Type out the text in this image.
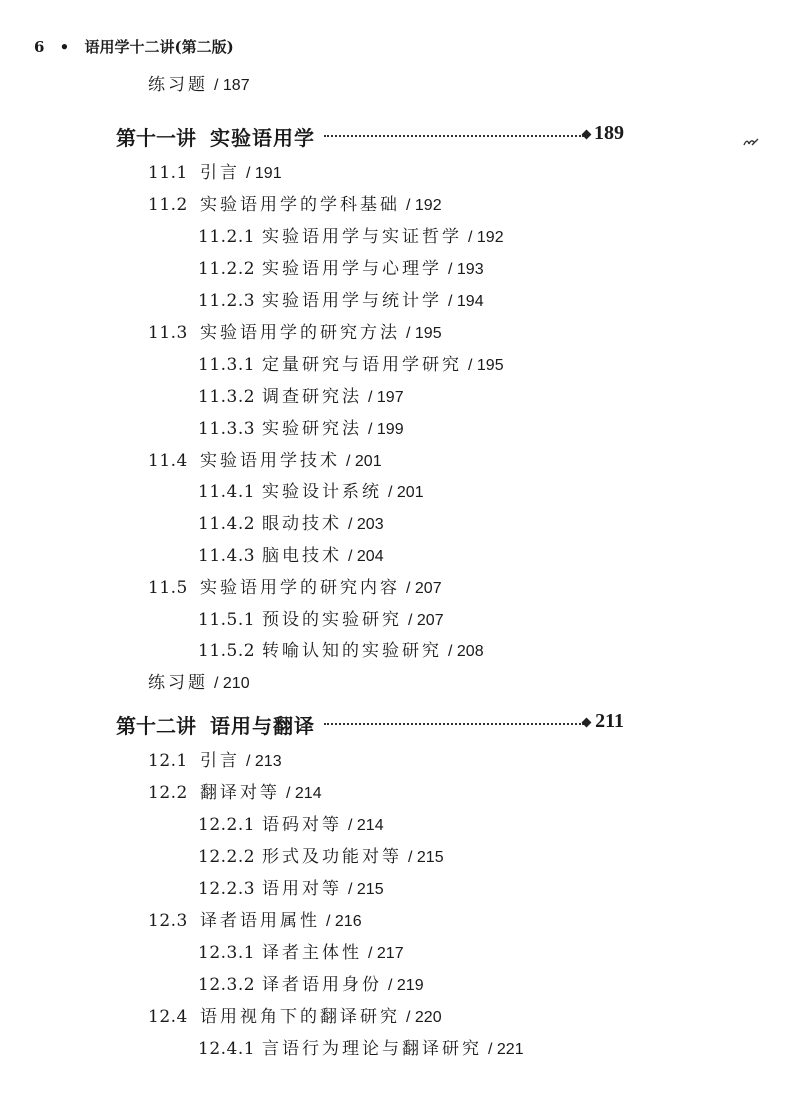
6 • 语用学十二讲(第二版)
练习题 / 187
第十一讲 实验语用学	189
11.1 引言 / 191
11.2 实验语用学的学科基础 / 192
11.2.1 实验语用学与实证哲学 / 192
11.2.2 实验语用学与心理学 / 193
11.2.3 实验语用学与统计学 / 194
11.3 实验语用学的研究方法 / 195
11.3.1 定量研究与语用学研究 / 195
11.3.2 调查研究法 / 197
11.3.3 实验研究法 / 199
11.4 实验语用学技术 / 201
11.4.1 实验设计系统 / 201
11.4.2 眼动技术 / 203
11.4.3 脑电技术 / 204
11.5 实验语用学的研究内容 / 207
11.5.1 预设的实验研究 / 207
11.5.2 转喻认知的实验研究 / 208
练习题 / 210
第十二讲 语用与翻译	211
12.1 引言 / 213
12.2 翻译对等 / 214
12.2.1 语码对等 / 214
12.2.2 形式及功能对等 / 215
12.2.3 语用对等 / 215
12.3 译者语用属性 / 216
12.3.1 译者主体性 / 217
12.3.2 译者语用身份 / 219
12.4 语用视角下的翻译研究 / 220
12.4.1 言语行为理论与翻译研究 / 221
